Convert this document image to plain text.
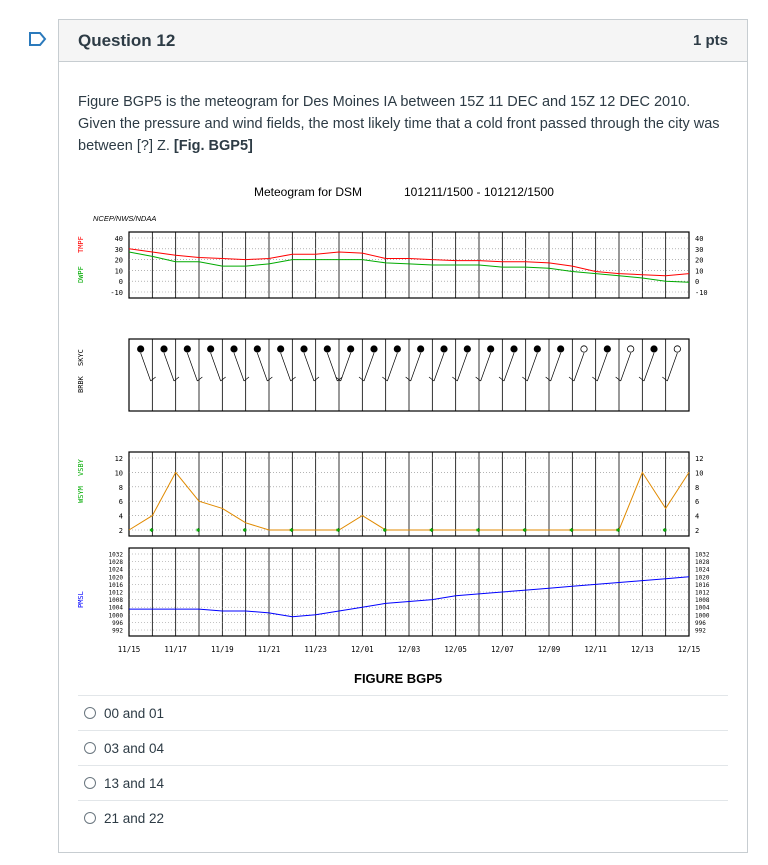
Question 12	1 pts
Figure BGP5 is the meteogram for Des Moines IA between 15Z 11 DEC and 15Z 12 DEC 2010. Given the pressure and wind fields, the most likely time that a cold front passed through the city was between [?] Z. [Fig. BGP5]
Meteogram for DSM	101211/1500 - 101212/1500
NCEP/NWS/NDAA
FIGURE BGP5
40	40
30	30
20	20
10	10
0	0
-10	-10
12	12
10	10
8	8
6	6
4	4
2	2
1032	1032
1028	1028
1024	1024
1020	1020
1016	1016
1012	1012
1008	1008
1004	1004
1000	1000
996	996
992	992
DWPF
TMPF
BRBK
SKYC
WSYM
VSBY
PMSL
✱	✱	✱	✱	✱	✱	✱	✱	✱	✱	✱	✱
11/15	11/17	11/19	11/21	11/23	12/01	12/03	12/05	12/07	12/09	12/11	12/13	12/15
00 and 01
03 and 04
13 and 14
21 and 22
